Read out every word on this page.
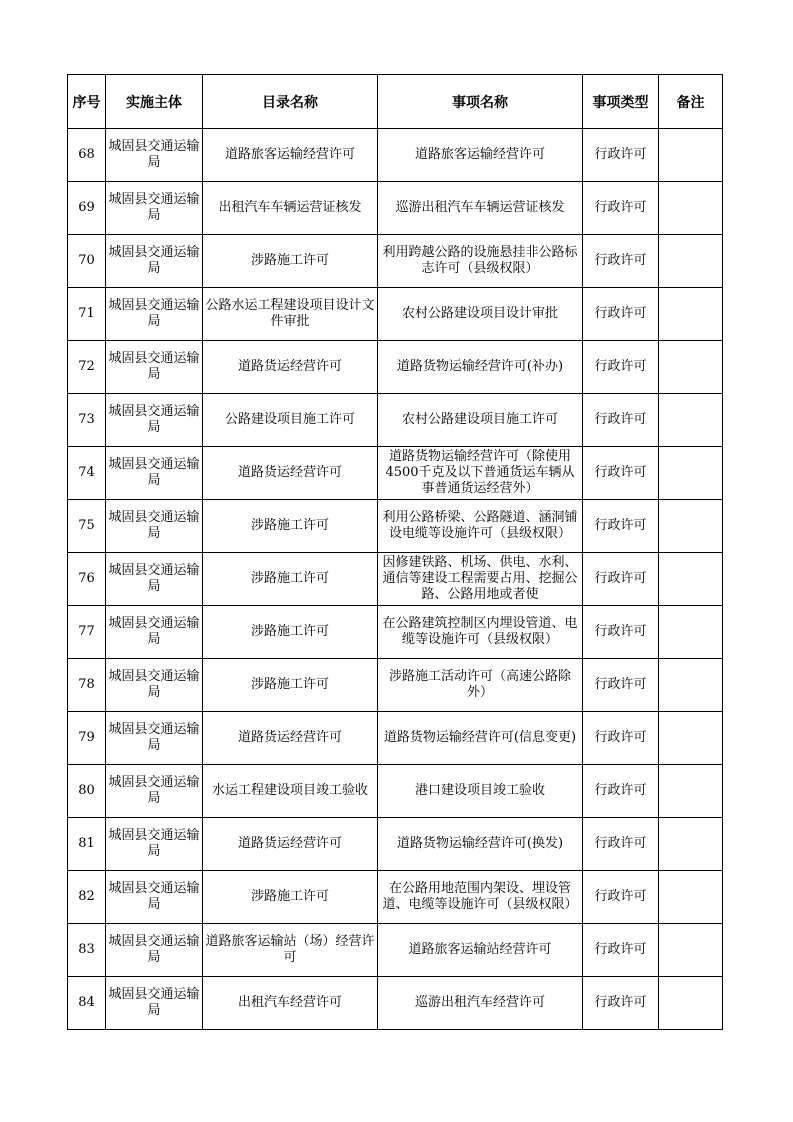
序号	实施主体	目录名称	事项名称	事项类型	备注

68	城固县交通运输局	道路旅客运输经营许可	道路旅客运输经营许可	行政许可	

69	城固县交通运输局	出租汽车车辆运营证核发	巡游出租汽车车辆运营证核发	行政许可	

70	城固县交通运输局	涉路施工许可	利用跨越公路的设施悬挂非公路标志许可（县级权限）	行政许可	

71	城固县交通运输局	公路水运工程建设项目设计文件审批	农村公路建设项目设计审批	行政许可	

72	城固县交通运输局	道路货运经营许可	道路货物运输经营许可(补办)	行政许可	

73	城固县交通运输局	公路建设项目施工许可	农村公路建设项目施工许可	行政许可	

74	城固县交通运输局	道路货运经营许可	道路货物运输经营许可（除使用4500千克及以下普通货运车辆从事普通货运经营外）	行政许可	

75	城固县交通运输局	涉路施工许可	利用公路桥梁、公路隧道、涵洞铺设电缆等设施许可（县级权限）	行政许可	

76	城固县交通运输局	涉路施工许可	因修建铁路、机场、供电、水利、通信等建设工程需要占用、挖掘公路、公路用地或者使	行政许可	

77	城固县交通运输局	涉路施工许可	在公路建筑控制区内埋设管道、电缆等设施许可（县级权限）	行政许可	

78	城固县交通运输局	涉路施工许可	涉路施工活动许可（高速公路除外）	行政许可	

79	城固县交通运输局	道路货运经营许可	道路货物运输经营许可(信息变更)	行政许可	

80	城固县交通运输局	水运工程建设项目竣工验收	港口建设项目竣工验收	行政许可	

81	城固县交通运输局	道路货运经营许可	道路货物运输经营许可(换发)	行政许可	

82	城固县交通运输局	涉路施工许可	在公路用地范围内架设、埋设管道、电缆等设施许可（县级权限）	行政许可	

83	城固县交通运输局	道路旅客运输站（场）经营许可	道路旅客运输站经营许可	行政许可	

84	城固县交通运输局	出租汽车经营许可	巡游出租汽车经营许可	行政许可	
